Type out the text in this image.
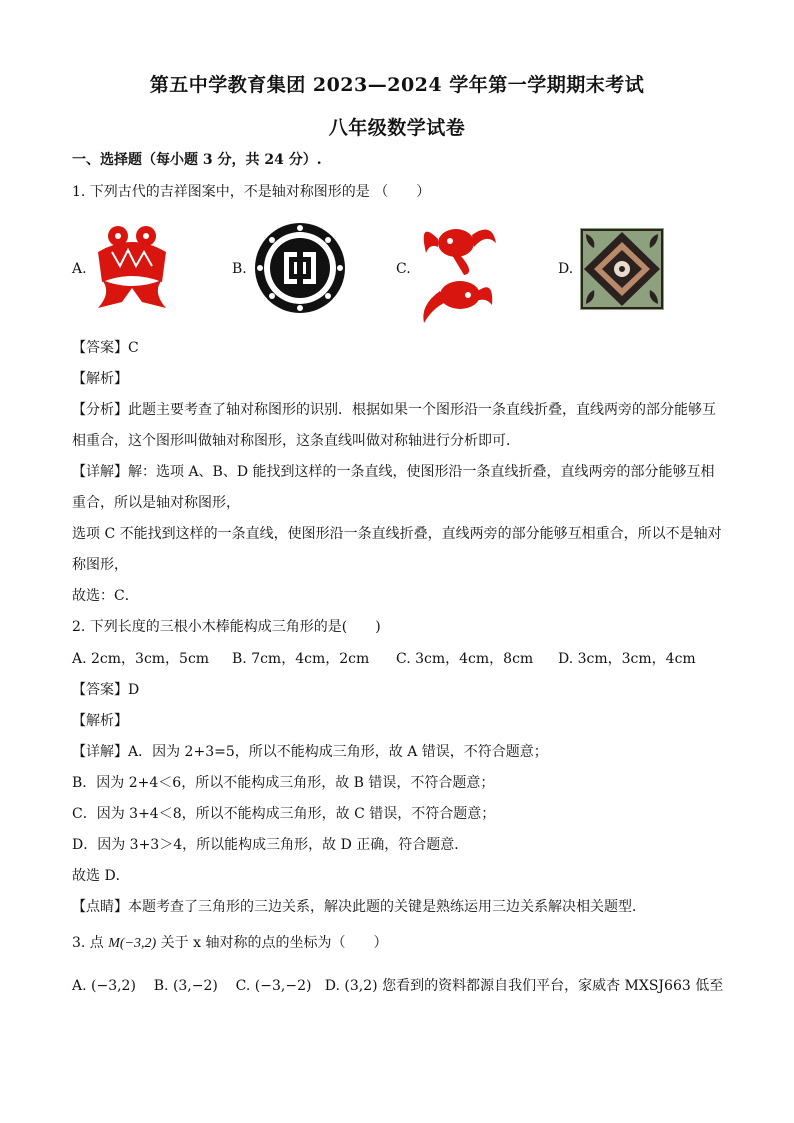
第五中学教育集团 2023—2024 学年第一学期期末考试
八年级数学试卷
一、选择题（每小题 3 分，共 24 分）.
1. 下列古代的吉祥图案中，不是轴对称图形的是 （　　）
A.	B.	C.	D.
【答案】C
【解析】
【分析】此题主要考查了轴对称图形的识别．根据如果一个图形沿一条直线折叠，直线两旁的部分能够互
相重合，这个图形叫做轴对称图形，这条直线叫做对称轴进行分析即可．
【详解】解：选项 A、B、D 能找到这样的一条直线，使图形沿一条直线折叠，直线两旁的部分能够互相
重合，所以是轴对称图形，
选项 C 不能找到这样的一条直线，使图形沿一条直线折叠，直线两旁的部分能够互相重合，所以不是轴对
称图形，
故选：C．
2. 下列长度的三根小木棒能构成三角形的是(　　)
A. 2cm，3cm，5cm B. 7cm，4cm，2cm C. 3cm，4cm，8cm D. 3cm，3cm，4cm
【答案】D
【解析】
【详解】A．因为 2+3=5，所以不能构成三角形，故 A 错误，不符合题意；
B．因为 2+4＜6，所以不能构成三角形，故 B 错误，不符合题意；
C．因为 3+4＜8，所以不能构成三角形，故 C 错误，不符合题意；
D．因为 3+3＞4，所以能构成三角形，故 D 正确，符合题意．
故选 D．
【点睛】本题考查了三角形的三边关系，解决此题的关键是熟练运用三边关系解决相关题型．
3. 点 M(−3,2) 关于 x 轴对称的点的坐标为（　　）
A. (−3,2) B. (3,−2) C. (−3,−2) D. (3,2) 您看到的资料都源自我们平台，家威杏 MXSJ663 低至
